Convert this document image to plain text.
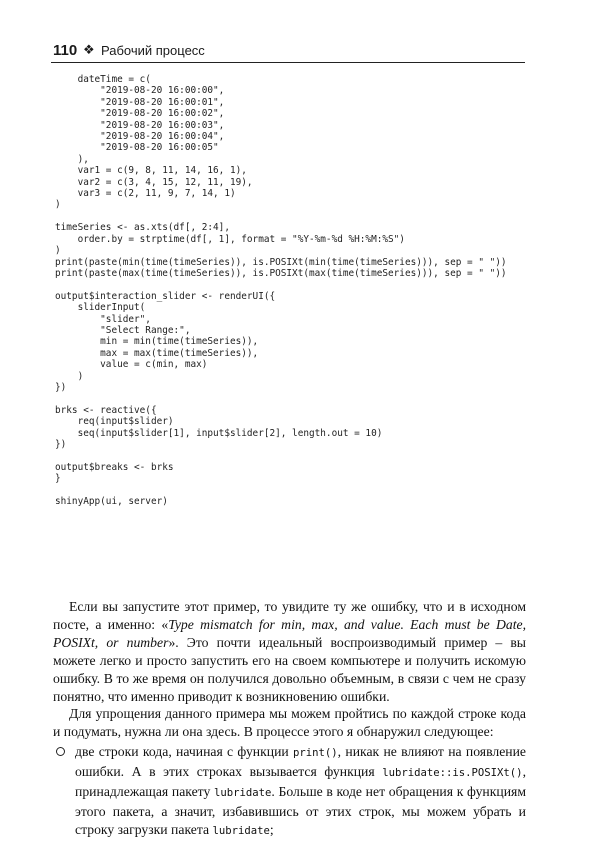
110 ❖ Рабочий процесс
dateTime = c(
"2019-08-20 16:00:00",
"2019-08-20 16:00:01",
"2019-08-20 16:00:02",
"2019-08-20 16:00:03",
"2019-08-20 16:00:04",
"2019-08-20 16:00:05"
),
var1 = c(9, 8, 11, 14, 16, 1),
var2 = c(3, 4, 15, 12, 11, 19),
var3 = c(2, 11, 9, 7, 14, 1)
)

timeSeries <- as.xts(df[, 2:4],
order.by = strptime(df[, 1], format = "%Y-%m-%d %H:%M:%S")
)
print(paste(min(time(timeSeries)), is.POSIXt(min(time(timeSeries))), sep = " "))
print(paste(max(time(timeSeries)), is.POSIXt(max(time(timeSeries))), sep = " "))

output$interaction_slider <- renderUI({
sliderInput(
"slider",
"Select Range:",
min = min(time(timeSeries)),
max = max(time(timeSeries)),
value = c(min, max)
)
})

brks <- reactive({
req(input$slider)
seq(input$slider[1], input$slider[2], length.out = 10)
})

output$breaks <- brks
}

shinyApp(ui, server)

Если вы запустите этот пример, то увидите ту же ошибку, что и в исходном посте, а именно: «Type mismatch for min, max, and value. Each must be Date, POSIXt, or number». Это почти идеальный воспроизводимый пример – вы можете легко и просто запустить его на своем компьютере и получить искомую ошибку. В то же время он получился довольно объемным, в связи с чем не сразу понятно, что именно приводит к возникновению ошибки.

Для упрощения данного примера мы можем пройтись по каждой строке кода и подумать, нужна ли она здесь. В процессе этого я обнаружил следующее:

две строки кода, начиная с функции print(), никак не влияют на появление ошибки. А в этих строках вызывается функция lubridate::is.POSIXt(), принадлежащая пакету lubridate. Больше в коде нет обращения к функциям этого пакета, а значит, избавившись от этих строк, мы можем убрать и строку загрузки пакета lubridate;
